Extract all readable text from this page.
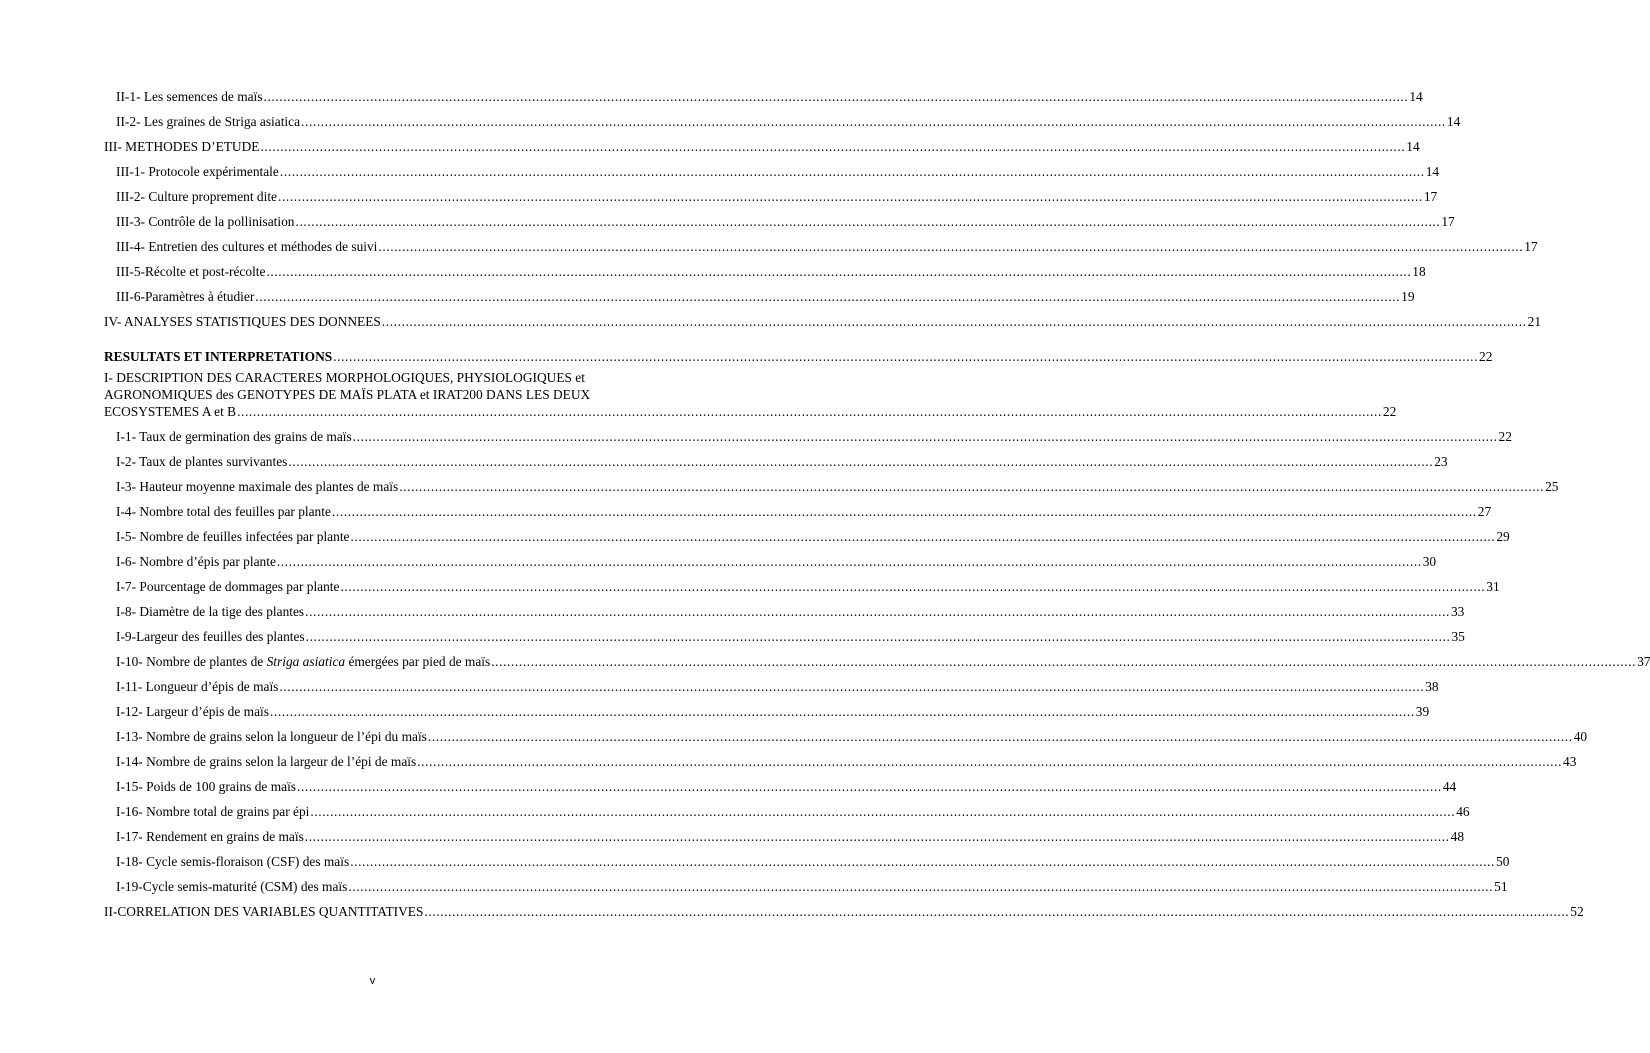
II-1- Les semences de maïs .....	14
II-2- Les graines de Striga asiatica .....	14
III- METHODES D’ETUDE .....	14
III-1- Protocole expérimentale .....	14
III-2- Culture proprement dite .....	17
III-3- Contrôle de la pollinisation .....	17
III-4- Entretien des cultures et méthodes de suivi .....	17
III-5-Récolte et post-récolte .....	18
III-6-Paramètres à étudier .....	19
IV- ANALYSES STATISTIQUES DES DONNEES .....	21
RESULTATS ET INTERPRETATIONS .....	22
I- DESCRIPTION DES CARACTERES MORPHOLOGIQUES, PHYSIOLOGIQUES et
AGRONOMIQUES des GENOTYPES DE MAÏS PLATA et IRAT200 DANS LES DEUX
ECOSYSTEMES A et B .....	22
I-1- Taux de germination des grains de maïs .....	22
I-2- Taux de plantes survivantes .....	23
I-3- Hauteur moyenne maximale des plantes de maïs .....	25
I-4- Nombre total des feuilles par plante .....	27
I-5- Nombre de feuilles infectées par plante .....	29
I-6- Nombre d’épis par plante .....	30
I-7- Pourcentage de dommages par plante .....	31
I-8- Diamètre de la tige des plantes .....	33
I-9-Largeur des feuilles des plantes .....	35
I-10- Nombre de plantes de Striga asiatica émergées par pied de maïs .....	37
I-11- Longueur d’épis de maïs .....	38
I-12- Largeur d’épis de maïs .....	39
I-13- Nombre de grains selon la longueur de l’épi du maïs .....	40
I-14- Nombre de grains selon la largeur de l’épi de maïs .....	43
I-15- Poids de 100 grains de maïs .....	44
I-16- Nombre total de grains par épi .....	46
I-17- Rendement en grains de maïs .....	48
I-18- Cycle semis-floraison (CSF) des maïs .....	50
I-19-Cycle semis-maturité (CSM) des maïs .....	51
II-CORRELATION DES VARIABLES QUANTITATIVES .....	52
v
